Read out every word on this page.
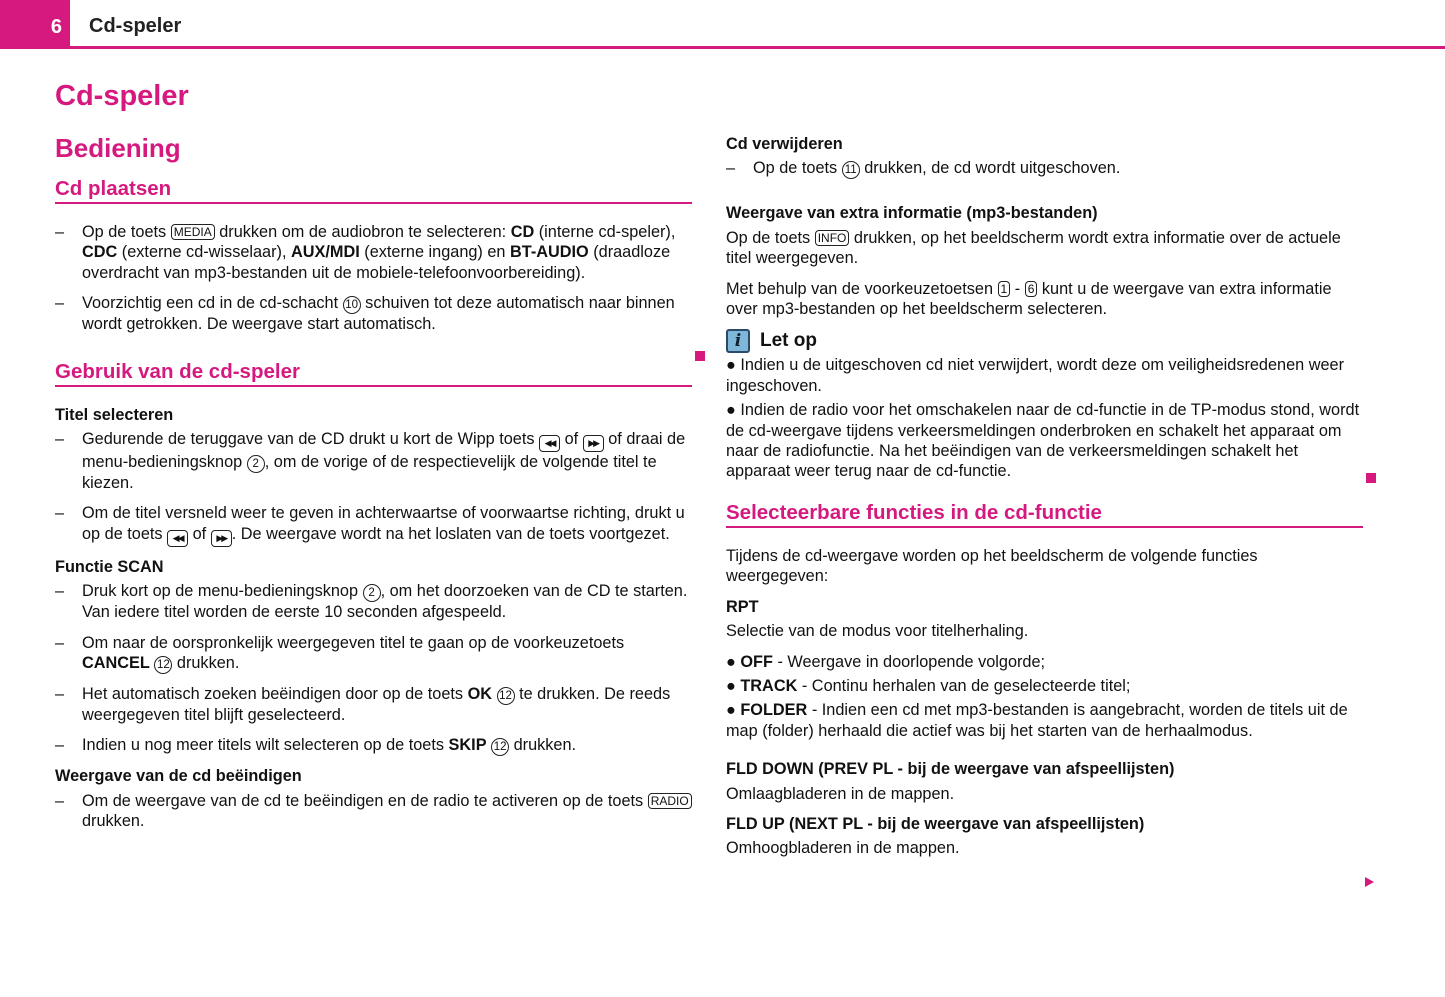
6	Cd-speler
Cd-speler
Bediening
Cd plaatsen
– Op de toets MEDIA drukken om de audiobron te selecteren: CD (interne cd-speler), CDC (externe cd-wisselaar), AUX/MDI (externe ingang) en BT-AUDIO (draadloze overdracht van mp3-bestanden uit de mobiele-telefoonvoorbereiding).
– Voorzichtig een cd in de cd-schacht 10 schuiven tot deze automatisch naar binnen wordt getrokken. De weergave start automatisch.
Gebruik van de cd-speler
Titel selecteren
– Gedurende de teruggave van de CD drukt u kort de Wipp toets ◀◀ of ▶▶ of draai de menu-bedieningsknop 2 , om de vorige of de respectievelijk de volgende titel te kiezen.
– Om de titel versneld weer te geven in achterwaartse of voorwaartse richting, drukt u op de toets ◀◀ of ▶▶ . De weergave wordt na het loslaten van de toets voortgezet.
Functie SCAN
– Druk kort op de menu-bedieningsknop 2 , om het doorzoeken van de CD te starten. Van iedere titel worden de eerste 10 seconden afgespeeld.
– Om naar de oorspronkelijk weergegeven titel te gaan op de voorkeuzetoets CANCEL 12 drukken.
– Het automatisch zoeken beëindigen door op de toets OK 12 te drukken. De reeds weergegeven titel blijft geselecteerd.
– Indien u nog meer titels wilt selecteren op de toets SKIP 12 drukken.
Weergave van de cd beëindigen
– Om de weergave van de cd te beëindigen en de radio te activeren op de toets RADIO drukken.
Cd verwijderen
– Op de toets 11 drukken, de cd wordt uitgeschoven.
Weergave van extra informatie (mp3-bestanden)
Op de toets INFO drukken, op het beeldscherm wordt extra informatie over de actuele titel weergegeven.
Met behulp van de voorkeuzetoetsen 1 - 6 kunt u de weergave van extra informatie over mp3-bestanden op het beeldscherm selecteren.
i Let op
● Indien u de uitgeschoven cd niet verwijdert, wordt deze om veiligheidsredenen weer ingeschoven.
● Indien de radio voor het omschakelen naar de cd-functie in de TP-modus stond, wordt de cd-weergave tijdens verkeersmeldingen onderbroken en schakelt het apparaat om naar de radiofunctie. Na het beëindigen van de verkeersmeldingen schakelt het apparaat weer terug naar de cd-functie.
Selecteerbare functies in de cd-functie
Tijdens de cd-weergave worden op het beeldscherm de volgende functies weergegeven:
RPT
Selectie van de modus voor titelherhaling.
● OFF - Weergave in doorlopende volgorde;
● TRACK - Continu herhalen van de geselecteerde titel;
● FOLDER - Indien een cd met mp3-bestanden is aangebracht, worden de titels uit de map (folder) herhaald die actief was bij het starten van de herhaalmodus.
FLD DOWN (PREV PL - bij de weergave van afspeellijsten)
Omlaagbladeren in de mappen.
FLD UP (NEXT PL - bij de weergave van afspeellijsten)
Omhoogbladeren in de mappen.
